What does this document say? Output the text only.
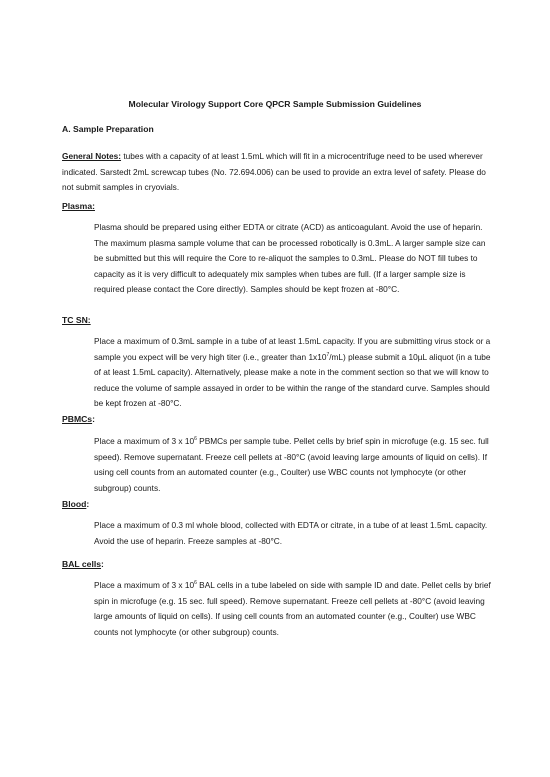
Molecular Virology Support Core QPCR Sample Submission Guidelines
A. Sample Preparation

General Notes: tubes with a capacity of at least 1.5mL which will fit in a microcentrifuge need to be used wherever indicated. Sarstedt 2mL screwcap tubes (No. 72.694.006) can be used to provide an extra level of safety. Please do not submit samples in cryovials.

Plasma:

Plasma should be prepared using either EDTA or citrate (ACD) as anticoagulant. Avoid the use of heparin. The maximum plasma sample volume that can be processed robotically is 0.3mL. A larger sample size can be submitted but this will require the Core to re-aliquot the samples to 0.3mL. Please do NOT fill tubes to capacity as it is very difficult to adequately mix samples when tubes are full. (If a larger sample size is required please contact the Core directly). Samples should be kept frozen at -80°C.

TC SN:

Place a maximum of 0.3mL sample in a tube of at least 1.5mL capacity. If you are submitting virus stock or a sample you expect will be very high titer (i.e., greater than $1x10^7/mL$) please submit a 10µL aliquot (in a tube of at least 1.5mL capacity). Alternatively, please make a note in the comment section so that we will know to reduce the volume of sample assayed in order to be within the range of the standard curve. Samples should be kept frozen at -80°C.

PBMCs:

Place a maximum of 3 x $10^6$ PBMCs per sample tube. Pellet cells by brief spin in microfuge (e.g. 15 sec. full speed). Remove supernatant. Freeze cell pellets at -80°C (avoid leaving large amounts of liquid on cells). If using cell counts from an automated counter (e.g., Coulter) use WBC counts not lymphocyte (or other subgroup) counts.

Blood:

Place a maximum of 0.3 ml whole blood, collected with EDTA or citrate, in a tube of at least 1.5mL capacity. Avoid the use of heparin. Freeze samples at -80°C.

BAL cells:

Place a maximum of 3 x $10^6$ BAL cells in a tube labeled on side with sample ID and date. Pellet cells by brief spin in microfuge (e.g. 15 sec. full speed). Remove supernatant. Freeze cell pellets at -80°C (avoid leaving large amounts of liquid on cells). If using cell counts from an automated counter (e.g., Coulter) use WBC counts not lymphocyte (or other subgroup) counts.
